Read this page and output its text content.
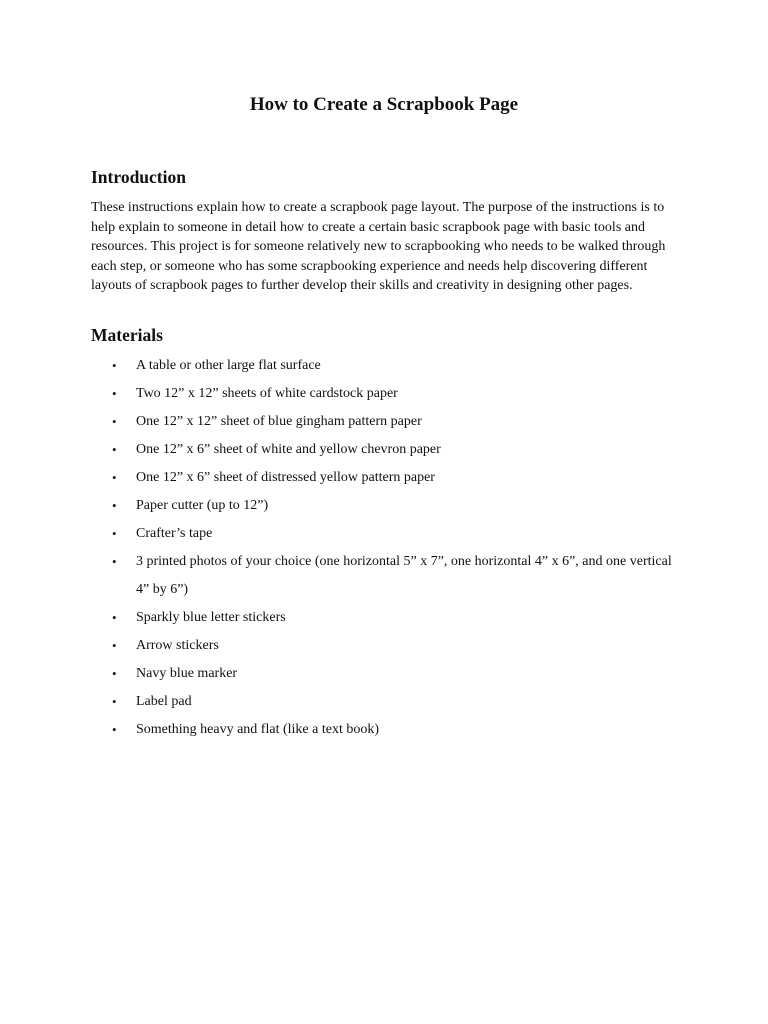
How to Create a Scrapbook Page
Introduction

These instructions explain how to create a scrapbook page layout. The purpose of the instructions is to help explain to someone in detail how to create a certain basic scrapbook page with basic tools and resources. This project is for someone relatively new to scrapbooking who needs to be walked through each step, or someone who has some scrapbooking experience and needs help discovering different layouts of scrapbook pages to further develop their skills and creativity in designing other pages.

Materials
• A table or other large flat surface
• Two 12” x 12” sheets of white cardstock paper
• One 12” x 12” sheet of blue gingham pattern paper
• One 12” x 6” sheet of white and yellow chevron paper
• One 12” x 6” sheet of distressed yellow pattern paper
• Paper cutter (up to 12”)
• Crafter’s tape
• 3 printed photos of your choice (one horizontal 5” x 7”, one horizontal 4” x 6”, and one vertical 4” by 6”)
• Sparkly blue letter stickers
• Arrow stickers
• Navy blue marker
• Label pad
• Something heavy and flat (like a text book)
